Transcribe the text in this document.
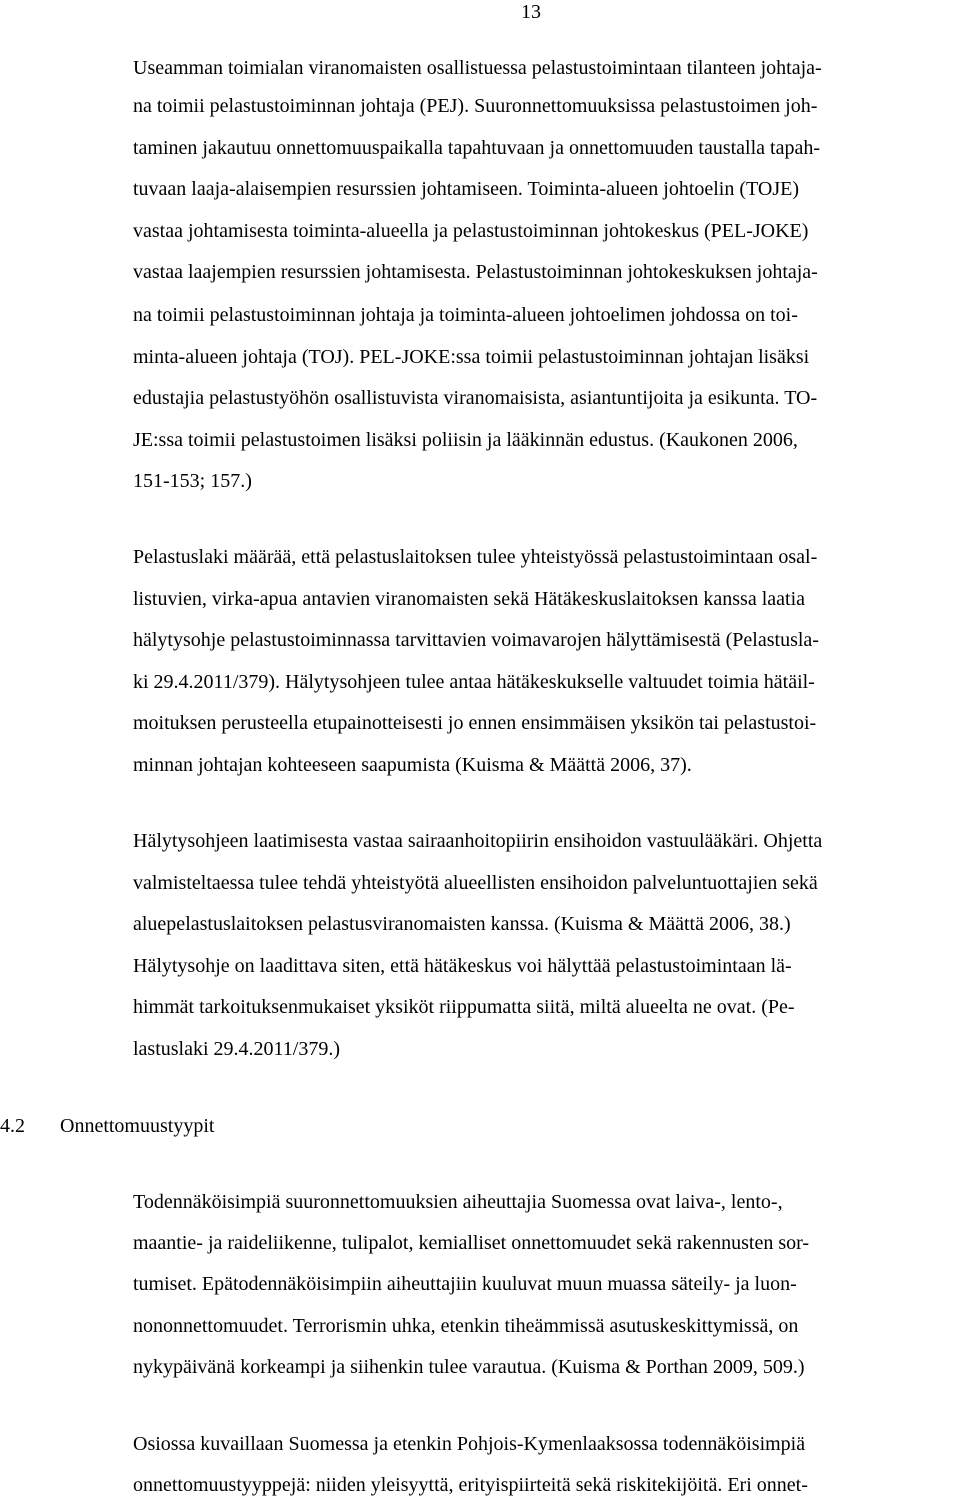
13
Useamman toimialan viranomaisten osallistuessa pelastustoimintaan tilanteen johtaja-
na toimii pelastustoiminnan johtaja (PEJ). Suuronnettomuuksissa pelastustoimen joh-
taminen jakautuu onnettomuuspaikalla tapahtuvaan ja onnettomuuden taustalla tapah-
tuvaan laaja-alaisempien resurssien johtamiseen. Toiminta-alueen johtoelin (TOJE)
vastaa johtamisesta toiminta-alueella ja pelastustoiminnan johtokeskus (PEL-JOKE)
vastaa laajempien resurssien johtamisesta. Pelastustoiminnan johtokeskuksen johtaja-
na toimii pelastustoiminnan johtaja ja toiminta-alueen johtoelimen johdossa on toi-
minta-alueen johtaja (TOJ). PEL-JOKE:ssa toimii pelastustoiminnan johtajan lisäksi
edustajia pelastustyöhön osallistuvista viranomaisista, asiantuntijoita ja esikunta. TO-
JE:ssa toimii pelastustoimen lisäksi poliisin ja lääkinnän edustus. (Kaukonen 2006,
151-153; 157.)
Pelastuslaki määrää, että pelastuslaitoksen tulee yhteistyössä pelastustoimintaan osal-
listuvien, virka-apua antavien viranomaisten sekä Hätäkeskuslaitoksen kanssa laatia
hälytysohje pelastustoiminnassa tarvittavien voimavarojen hälyttämisestä (Pelastusla-
ki 29.4.2011/379). Hälytysohjeen tulee antaa hätäkeskukselle valtuudet toimia hätäil-
moituksen perusteella etupainotteisesti jo ennen ensimmäisen yksikön tai pelastustoi-
minnan johtajan kohteeseen saapumista (Kuisma & Määttä 2006, 37).
Hälytysohjeen laatimisesta vastaa sairaanhoitopiirin ensihoidon vastuulääkäri. Ohjetta
valmisteltaessa tulee tehdä yhteistyötä alueellisten ensihoidon palveluntuottajien sekä
aluepelastuslaitoksen pelastusviranomaisten kanssa. (Kuisma & Määttä 2006, 38.)
Hälytysohje on laadittava siten, että hätäkeskus voi hälyttää pelastustoimintaan lä-
himmät tarkoituksenmukaiset yksiköt riippumatta siitä, miltä alueelta ne ovat. (Pe-
lastuslaki 29.4.2011/379.)
4.2 Onnettomuustyypit
Todennäköisimpiä suuronnettomuuksien aiheuttajia Suomessa ovat laiva-, lento-,
maantie- ja raideliikenne, tulipalot, kemialliset onnettomuudet sekä rakennusten sor-
tumiset. Epätodennäköisimpiin aiheuttajiin kuuluvat muun muassa säteily- ja luon-
nononnettomuudet. Terrorismin uhka, etenkin tiheämmissä asutuskeskittymissä, on
nykypäivänä korkeampi ja siihenkin tulee varautua. (Kuisma & Porthan 2009, 509.)
Osiossa kuvaillaan Suomessa ja etenkin Pohjois-Kymenlaaksossa todennäköisimpiä
onnettomuustyyppejä: niiden yleisyyttä, erityispiirteitä sekä riskitekijöitä. Eri onnet-
